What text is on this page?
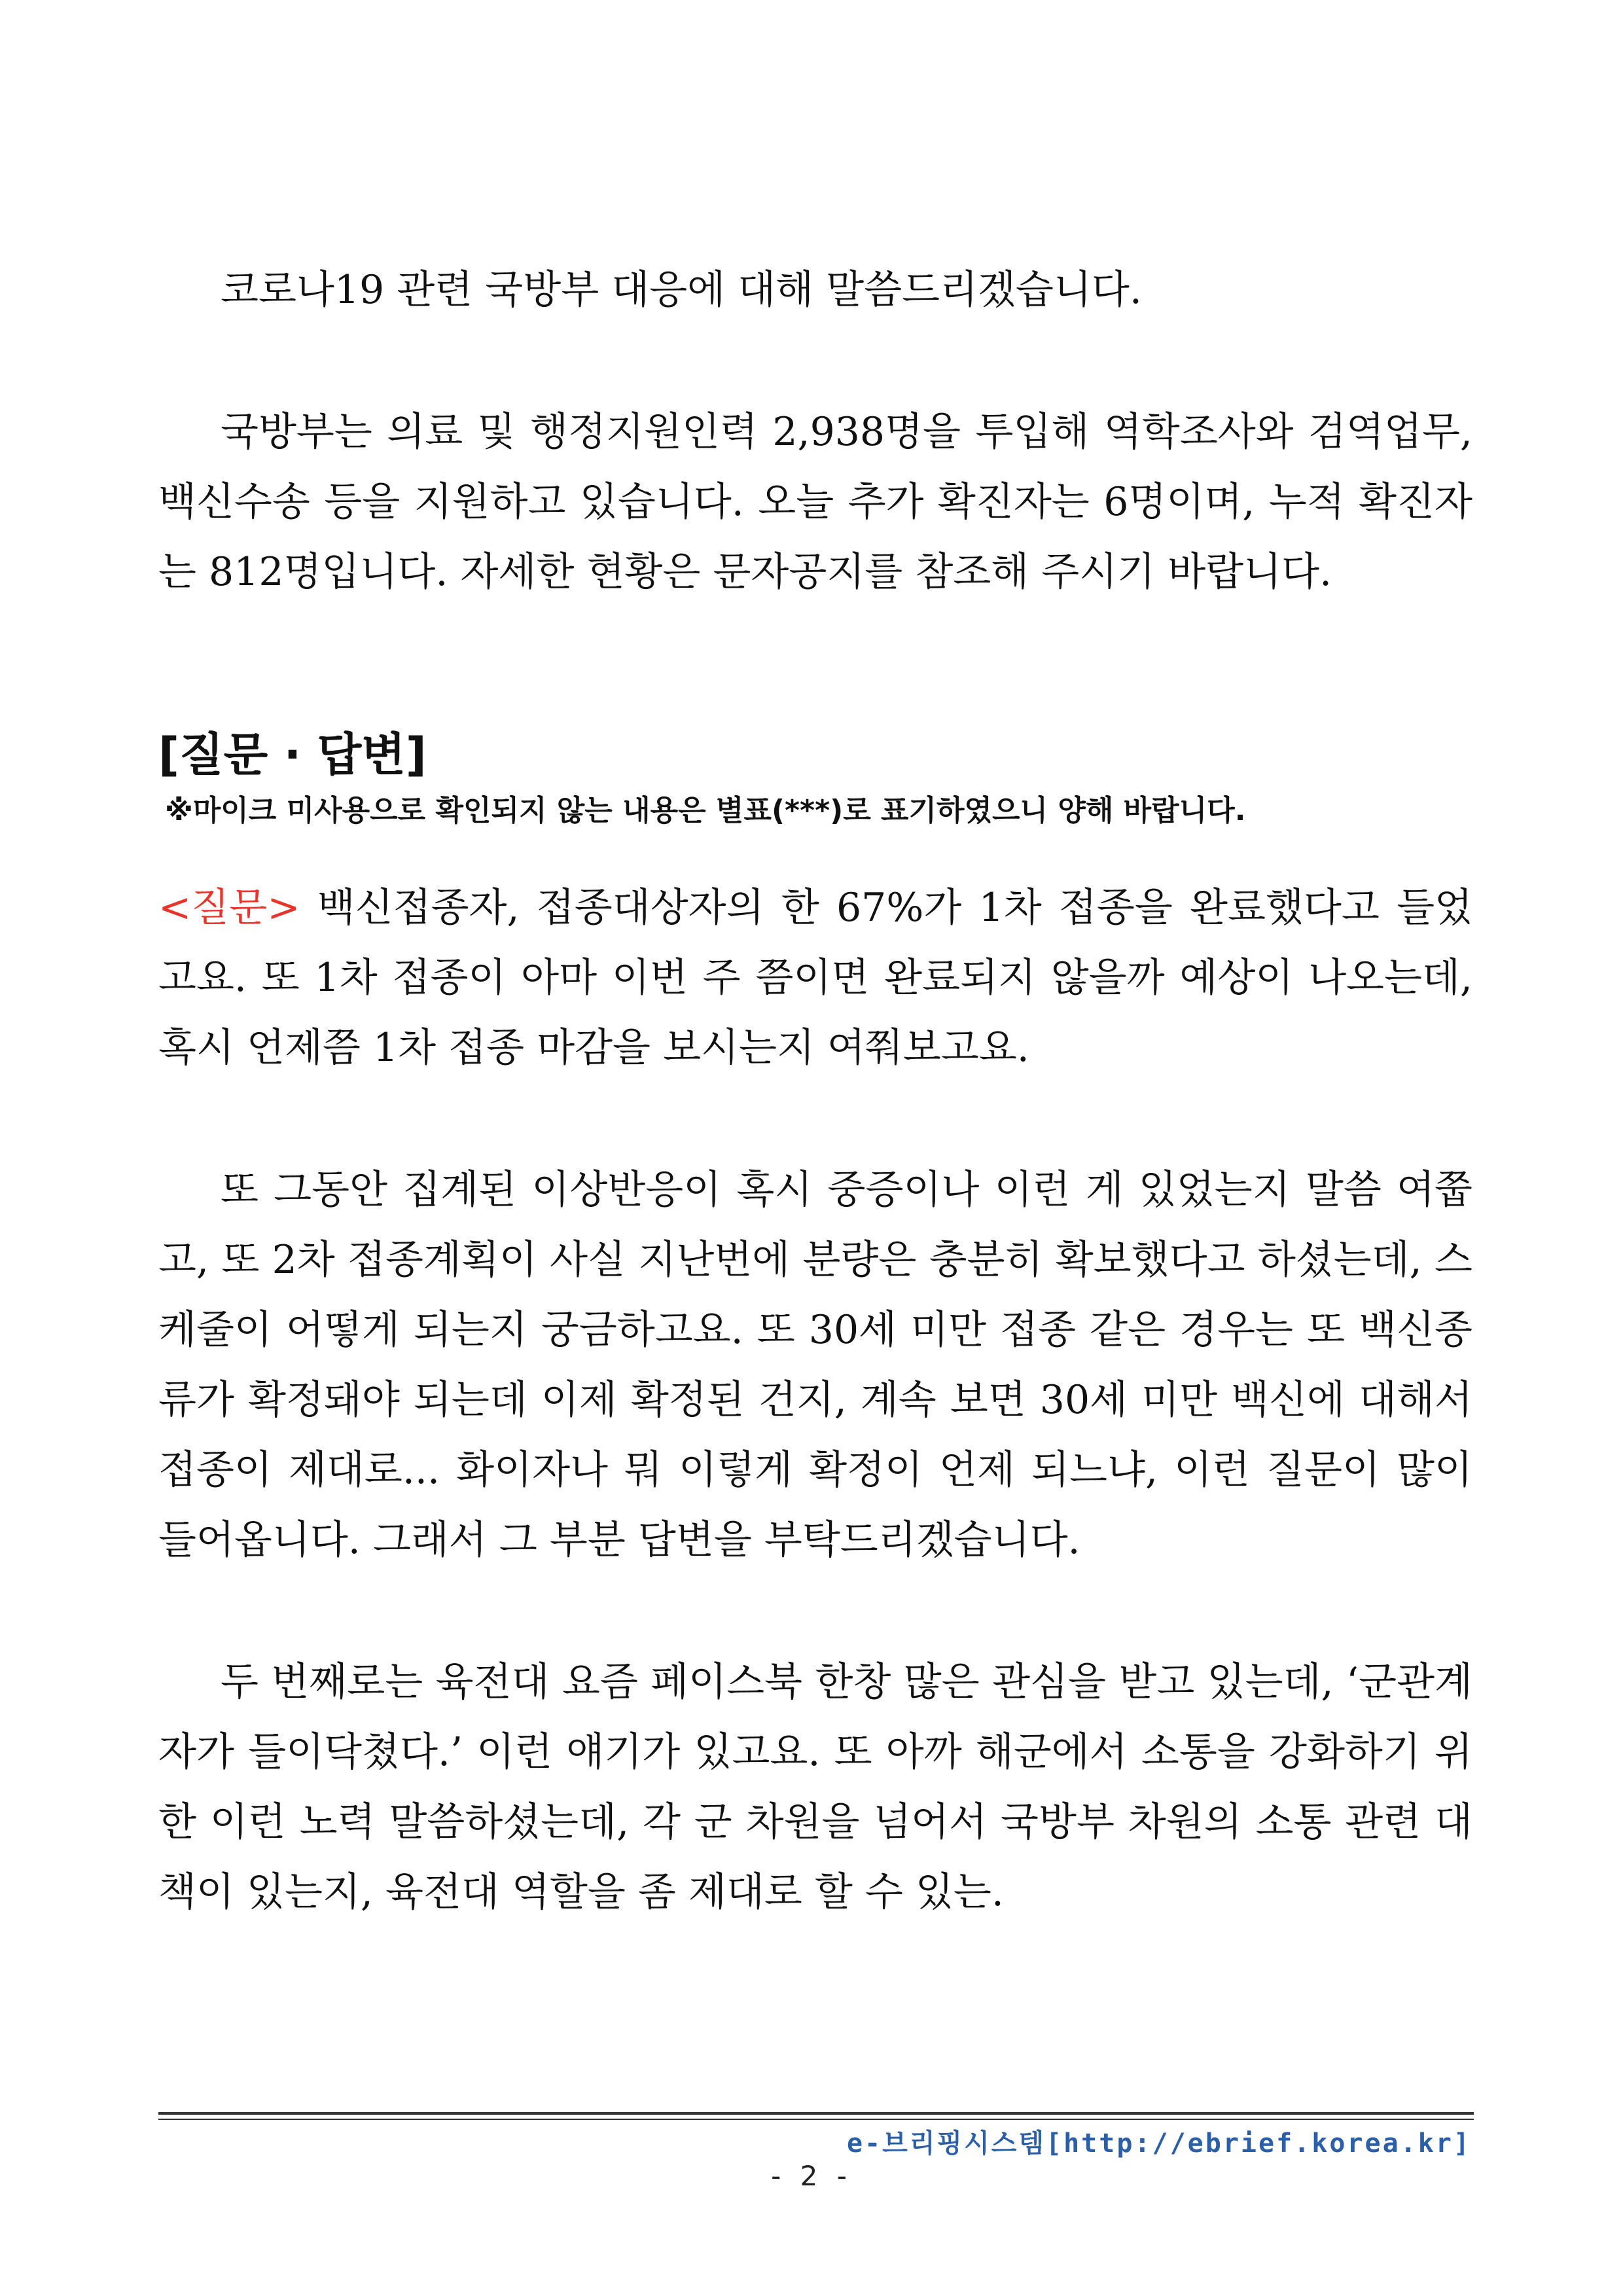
코로나19 관련 국방부 대응에 대해 말씀드리겠습니다.

국방부는 의료 및 행정지원인력 2,938명을 투입해 역학조사와 검역업무, 백신수송 등을 지원하고 있습니다. 오늘 추가 확진자는 6명이며, 누적 확진자는 812명입니다. 자세한 현황은 문자공지를 참조해 주시기 바랍니다.

[질문 · 답변]
※마이크 미사용으로 확인되지 않는 내용은 별표(***)로 표기하였으니 양해 바랍니다.

<질문> 백신접종자, 접종대상자의 한 67%가 1차 접종을 완료했다고 들었고요. 또 1차 접종이 아마 이번 주 쯤이면 완료되지 않을까 예상이 나오는데, 혹시 언제쯤 1차 접종 마감을 보시는지 여쭤보고요.

또 그동안 집계된 이상반응이 혹시 중증이나 이런 게 있었는지 말씀 여쭙고, 또 2차 접종계획이 사실 지난번에 분량은 충분히 확보했다고 하셨는데, 스케줄이 어떻게 되는지 궁금하고요. 또 30세 미만 접종 같은 경우는 또 백신종류가 확정돼야 되는데 이제 확정된 건지, 계속 보면 30세 미만 백신에 대해서 접종이 제대로... 화이자나 뭐 이렇게 확정이 언제 되느냐, 이런 질문이 많이 들어옵니다. 그래서 그 부분 답변을 부탁드리겠습니다.

두 번째로는 육전대 요즘 페이스북 한창 많은 관심을 받고 있는데, ‘군관계자가 들이닥쳤다.’ 이런 얘기가 있고요. 또 아까 해군에서 소통을 강화하기 위한 이런 노력 말씀하셨는데, 각 군 차원을 넘어서 국방부 차원의 소통 관련 대책이 있는지, 육전대 역할을 좀 제대로 할 수 있는.

e-브리핑시스템[http://ebrief.korea.kr]
- 2 -
